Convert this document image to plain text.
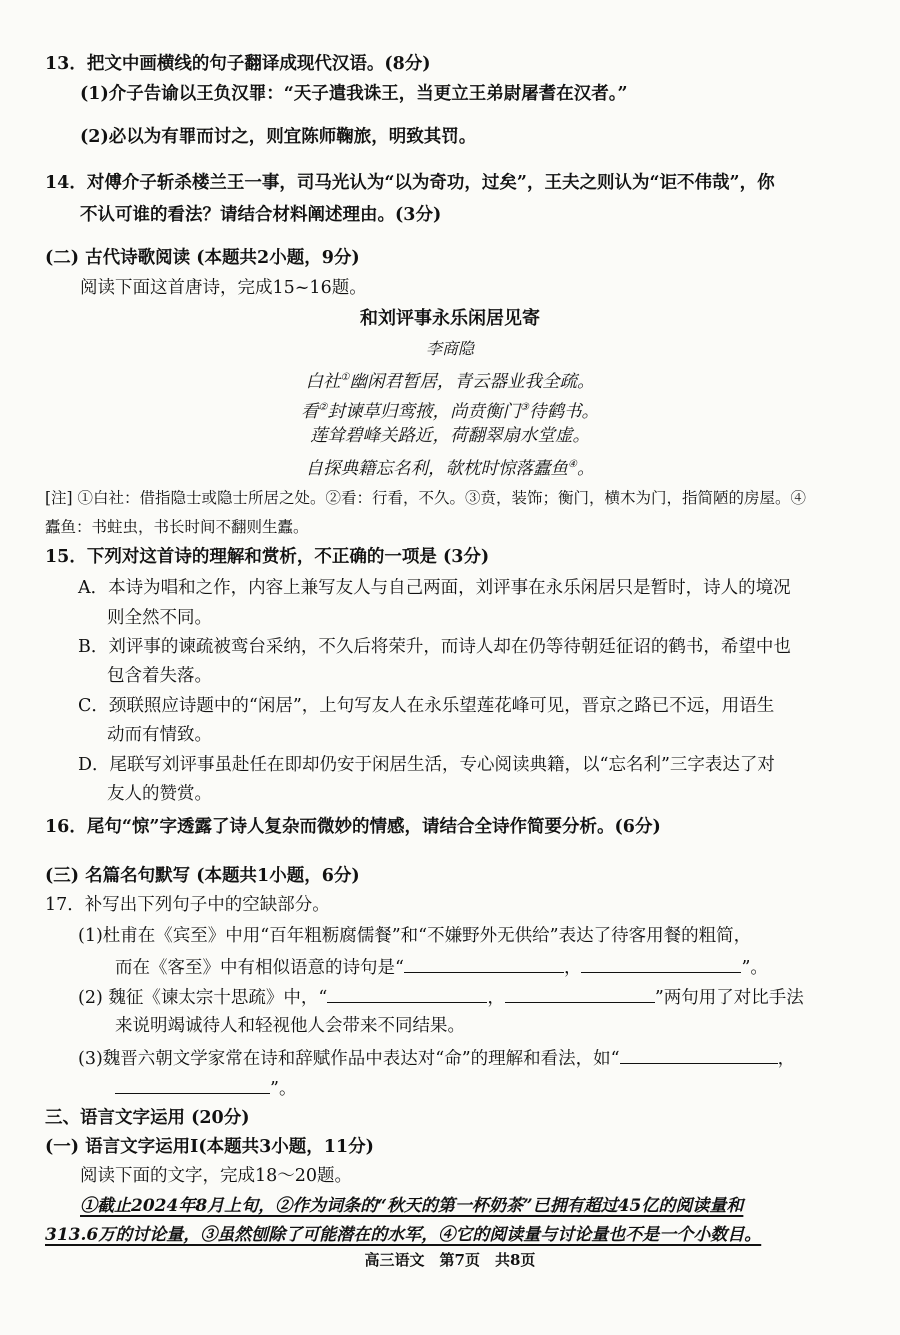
13．把文中画横线的句子翻译成现代汉语。(8分)
(1)介子告谕以王负汉罪：“天子遣我诛王，当更立王弟尉屠耆在汉者。”
(2)必以为有罪而讨之，则宜陈师鞠旅，明致其罚。
14．对傅介子斩杀楼兰王一事，司马光认为“以为奇功，过矣”，王夫之则认为“讵不伟哉”，你
不认可谁的看法？请结合材料阐述理由。(3分)
(二) 古代诗歌阅读 (本题共2小题，9分)
阅读下面这首唐诗，完成15~16题。
和刘评事永乐闲居见寄
李商隐
白社①幽闲君暂居，青云器业我全疏。
看②封谏草归鸾掖，尚贲衡门③待鹤书。
莲耸碧峰关路近，荷翻翠扇水堂虚。
自探典籍忘名利，欹枕时惊落蠹鱼④。
[注] ①白社：借指隐士或隐士所居之处。②看：行看，不久。③贲，装饰；衡门，横木为门，指简陋的房屋。④
蠹鱼：书蛀虫，书长时间不翻则生蠹。
15．下列对这首诗的理解和赏析，不正确的一项是 (3分)
A．本诗为唱和之作，内容上兼写友人与自己两面，刘评事在永乐闲居只是暂时，诗人的境况
则全然不同。
B．刘评事的谏疏被鸾台采纳，不久后将荣升，而诗人却在仍等待朝廷征诏的鹤书，希望中也
包含着失落。
C．颈联照应诗题中的“闲居”，上句写友人在永乐望莲花峰可见，晋京之路已不远，用语生
动而有情致。
D．尾联写刘评事虽赴任在即却仍安于闲居生活，专心阅读典籍，以“忘名利”三字表达了对
友人的赞赏。
16．尾句“惊”字透露了诗人复杂而微妙的情感，请结合全诗作简要分析。(6分)
(三) 名篇名句默写 (本题共1小题，6分)
17．补写出下列句子中的空缺部分。
(1)杜甫在《宾至》中用“百年粗粝腐儒餐”和“不嫌野外无供给”表达了待客用餐的粗简，
而在《客至》中有相似语意的诗句是“	，	”。
(2) 魏征《谏太宗十思疏》中，“	，	”两句用了对比手法
来说明竭诚待人和轻视他人会带来不同结果。
(3)魏晋六朝文学家常在诗和辞赋作品中表达对“命”的理解和看法，如“	，
”。
三、语言文字运用 (20分)
(一) 语言文字运用Ⅰ(本题共3小题，11分)
阅读下面的文字，完成18～20题。
①截止2024年8月上旬，②作为词条的“秋天的第一杯奶茶”已拥有超过45亿的阅读量和
313.6万的讨论量，③虽然刨除了可能潜在的水军，④它的阅读量与讨论量也不是一个小数目。
高三语文　第7页　共8页
